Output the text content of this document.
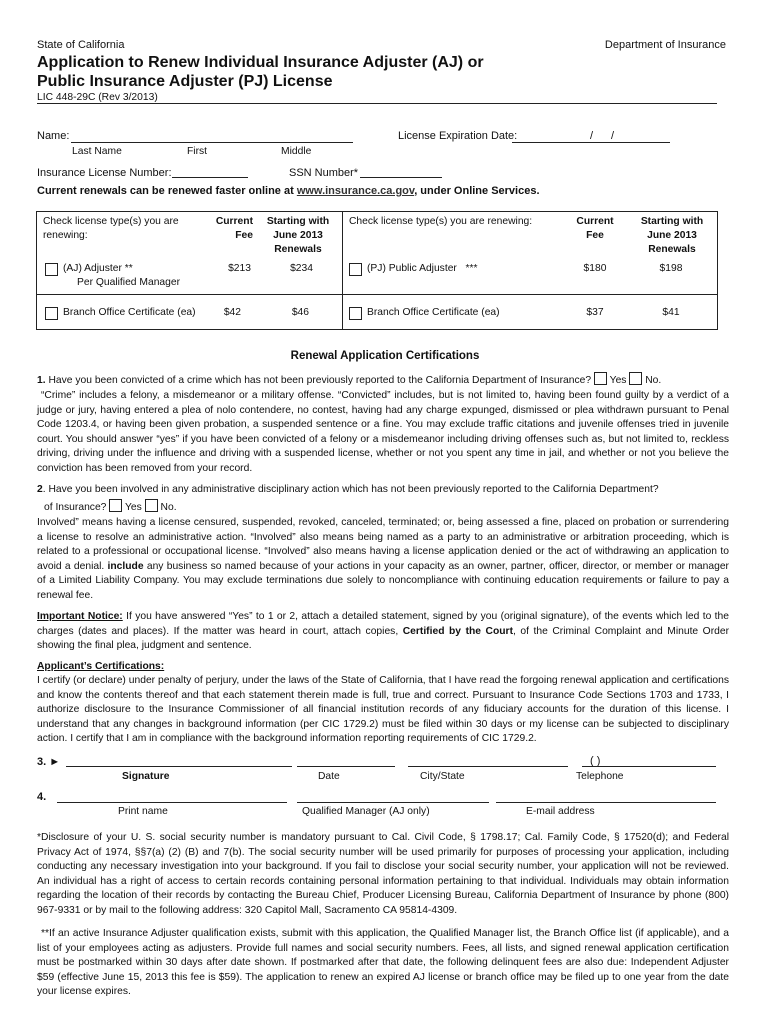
State of California	Department of Insurance
Application to Renew Individual Insurance Adjuster (AJ) or
Public Insurance Adjuster (PJ) License
LIC 448-29C (Rev 3/2013)
Name:
Last Name	First	Middle
License Expiration Date:	/ /
Insurance License Number:	SSN Number*
Current renewals can be renewed faster online at www.insurance.ca.gov, under Online Services.
Check license type(s) you are renewing:
Current Fee
Starting with June 2013 Renewals
Check license type(s) you are renewing:	Current Fee
Starting with June 2013 Renewals
(AJ) Adjuster **
Per Qualified Manager
$213	$234
Branch Office Certificate (ea)	$42	$46
(PJ) Public Adjuster ***	$180	$198
Branch Office Certificate (ea)	$37	$41
Renewal Application Certifications
1. Have you been convicted of a crime which has not been previously reported to the California Department of Insurance? Yes No.
“Crime” includes a felony, a misdemeanor or a military offense. “Convicted” includes, but is not limited to, having been found guilty by a verdict of a judge or jury, having entered a plea of nolo contendere, no contest, having had any charge expunged, dismissed or plea withdrawn pursuant to Penal Code 1203.4, or having been given probation, a suspended sentence or a fine. You may exclude traffic citations and juvenile offenses tried in juvenile court. You should answer “yes” if you have been convicted of a felony or a misdemeanor including driving offenses such as, but not limited to, reckless driving, driving under the influence and driving with a suspended license, whether or not you spent any time in jail, and whether or not you believe the conviction has been removed from your record.
2. Have you been involved in any administrative disciplinary action which has not been previously reported to the California Department?
of Insurance? Yes No.
Involved” means having a license censured, suspended, revoked, canceled, terminated; or, being assessed a fine, placed on probation or surrendering a license to resolve an administrative action. “Involved” also means being named as a party to an administrative or arbitration proceeding, which is related to a professional or occupational license. “Involved” also means having a license application denied or the act of withdrawing an application to avoid a denial. include any business so named because of your actions in your capacity as an owner, partner, officer, director, or member or manager of a Limited Liability Company. You may exclude terminations due solely to noncompliance with continuing education requirements or failure to pay a renewal fee.
Important Notice: If you have answered “Yes” to 1 or 2, attach a detailed statement, signed by you (original signature), of the events which led to the charges (dates and places). If the matter was heard in court, attach copies, Certified by the Court, of the Criminal Complaint and Minute Order showing the final plea, judgment and sentence.
Applicant’s Certifications:
I certify (or declare) under penalty of perjury, under the laws of the State of California, that I have read the forgoing renewal application and certifications and know the contents thereof and that each statement therein made is full, true and correct. Pursuant to Insurance Code Sections 1703 and 1733, I authorize disclosure to the Insurance Commissioner of all financial institution records of any fiduciary accounts for the duration of this license. I understand that any changes in background information (per CIC 1729.2) must be filed within 30 days or my license can be subjected to disciplinary action. I certify that I am in compliance with the background information reporting requirements of CIC 1729.2.
3. ►	( )
Signature	Date	City/State	Telephone
4.
Print name	Qualified Manager (AJ only)	E-mail address
*Disclosure of your U. S. social security number is mandatory pursuant to Cal. Civil Code, § 1798.17; Cal. Family Code, § 17520(d); and Federal Privacy Act of 1974, §§7(a) (2) (B) and 7(b). The social security number will be used primarily for purposes of processing your application, including conducting any necessary investigation into your background. If you fail to disclose your social security number, your application will not be reviewed. An individual has a right of access to certain records containing personal information pertaining to that individual. Individuals may obtain information regarding the location of their records by contacting the Bureau Chief, Producer Licensing Bureau, California Department of Insurance by phone (800) 967-9331 or by mail to the following address: 320 Capitol Mall, Sacramento CA 95814-4309.
**If an active Insurance Adjuster qualification exists, submit with this application, the Qualified Manager list, the Branch Office list (if applicable), and a list of your employees acting as adjusters. Provide full names and social security numbers. Fees, all lists, and signed renewal application certification must be postmarked within 30 days after date shown. If postmarked after that date, the following delinquent fees are also due: Independent Adjuster $59 (effective June 15, 2013 this fee is $59). The application to renew an expired AJ license or branch office may be filed up to one year from the date your license expires.
